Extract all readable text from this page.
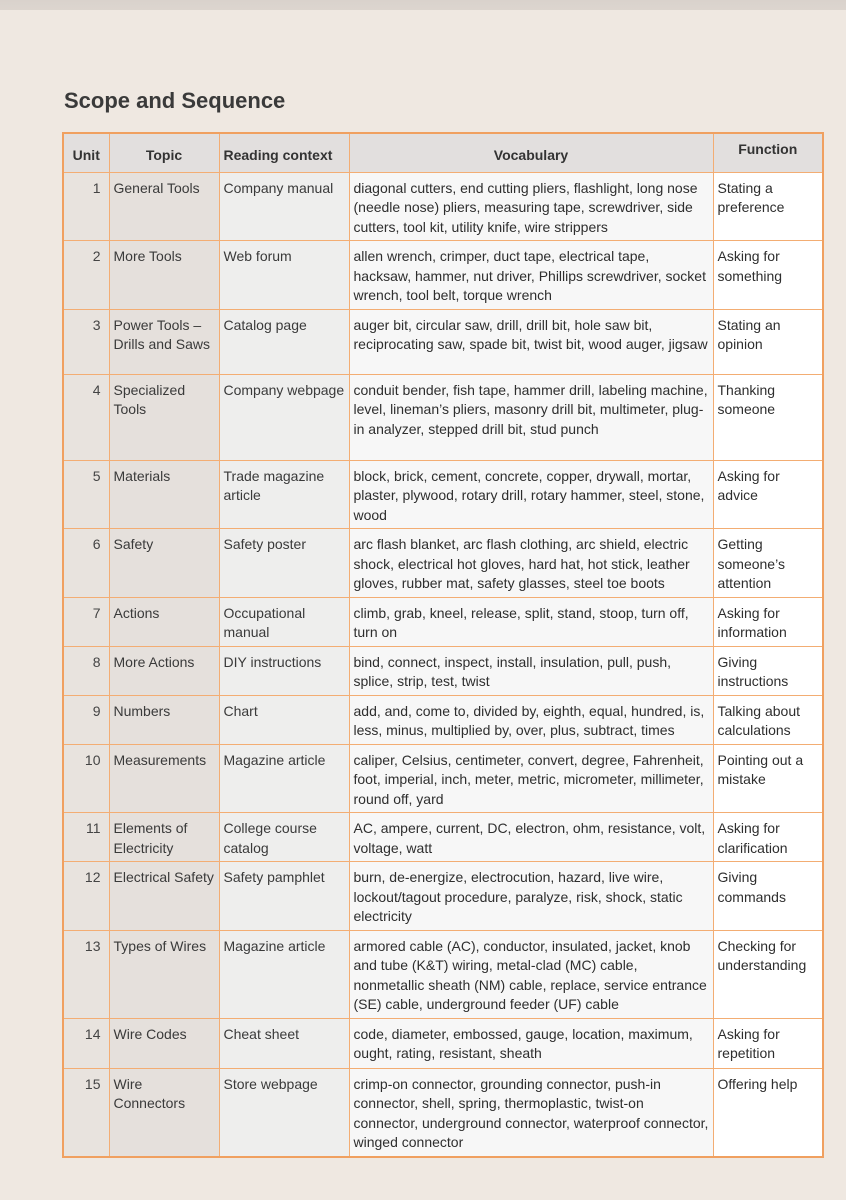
Scope and Sequence
Unit	Topic	Reading context	Vocabulary	Function
1	General Tools	Company manual	diagonal cutters, end cutting pliers, flashlight, long nose (needle nose) pliers, measuring tape, screwdriver, side cutters, tool kit, utility knife, wire strippers	Stating a preference
2	More Tools	Web forum	allen wrench, crimper, duct tape, electrical tape, hacksaw, hammer, nut driver, Phillips screwdriver, socket wrench, tool belt, torque wrench	Asking for something
3	Power Tools – Drills and Saws	Catalog page	auger bit, circular saw, drill, drill bit, hole saw bit, reciprocating saw, spade bit, twist bit, wood auger, jigsaw	Stating an opinion
4	Specialized Tools	Company webpage	conduit bender, fish tape, hammer drill, labeling machine, level, lineman’s pliers, masonry drill bit, multimeter, plug-in analyzer, stepped drill bit, stud punch	Thanking someone
5	Materials	Trade magazine article	block, brick, cement, concrete, copper, drywall, mortar, plaster, plywood, rotary drill, rotary hammer, steel, stone, wood	Asking for advice
6	Safety	Safety poster	arc flash blanket, arc flash clothing, arc shield, electric shock, electrical hot gloves, hard hat, hot stick, leather gloves, rubber mat, safety glasses, steel toe boots	Getting someone’s attention
7	Actions	Occupational manual	climb, grab, kneel, release, split, stand, stoop, turn off, turn on	Asking for information
8	More Actions	DIY instructions	bind, connect, inspect, install, insulation, pull, push, splice, strip, test, twist	Giving instructions
9	Numbers	Chart	add, and, come to, divided by, eighth, equal, hundred, is, less, minus, multiplied by, over, plus, subtract, times	Talking about calculations
10	Measurements	Magazine article	caliper, Celsius, centimeter, convert, degree, Fahrenheit, foot, imperial, inch, meter, metric, micrometer, millimeter, round off, yard	Pointing out a mistake
11	Elements of Electricity	College course catalog	AC, ampere, current, DC, electron, ohm, resistance, volt, voltage, watt	Asking for clarification
12	Electrical Safety	Safety pamphlet	burn, de-energize, electrocution, hazard, live wire, lockout/tagout procedure, paralyze, risk, shock, static electricity	Giving commands
13	Types of Wires	Magazine article	armored cable (AC), conductor, insulated, jacket, knob and tube (K&T) wiring, metal-clad (MC) cable, nonmetallic sheath (NM) cable, replace, service entrance (SE) cable, underground feeder (UF) cable	Checking for understanding
14	Wire Codes	Cheat sheet	code, diameter, embossed, gauge, location, maximum, ought, rating, resistant, sheath	Asking for repetition
15	Wire Connectors	Store webpage	crimp-on connector, grounding connector, push-in connector, shell, spring, thermoplastic, twist-on connector, underground connector, waterproof connector, winged connector	Offering help
